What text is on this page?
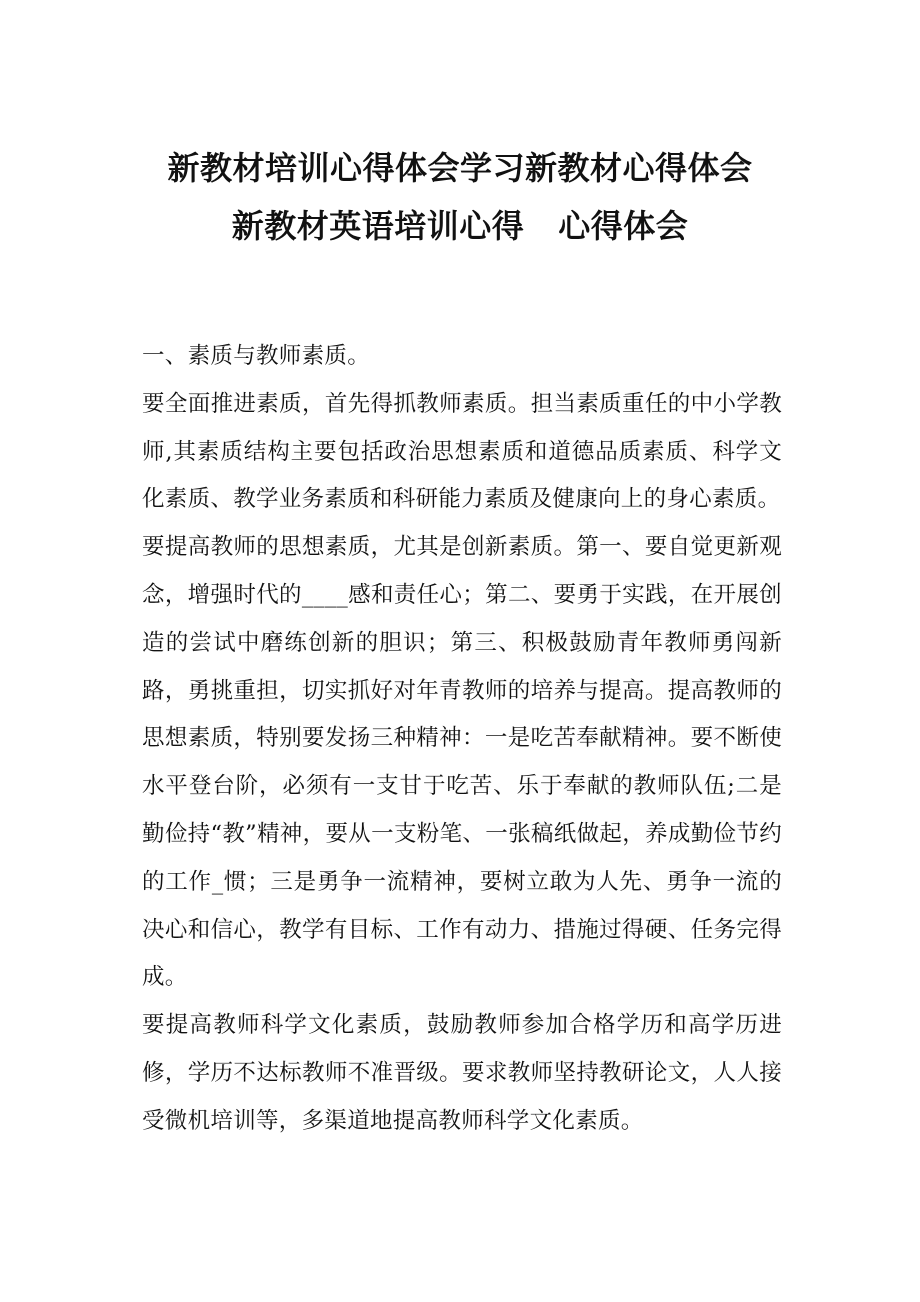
新教材培训心得体会学习新教材心得体会
新教材英语培训心得 心得体会

一、素质与教师素质。

要全面推进素质，首先得抓教师素质。担当素质重任的中小学教师,其素质结构主要包括政治思想素质和道德品质素质、科学文化素质、教学业务素质和科研能力素质及健康向上的身心素质。

要提高教师的思想素质，尤其是创新素质。第一、要自觉更新观念，增强时代的____感和责任心；第二、要勇于实践，在开展创造的尝试中磨练创新的胆识；第三、积极鼓励青年教师勇闯新路，勇挑重担，切实抓好对年青教师的培养与提高。提高教师的思想素质，特别要发扬三种精神：一是吃苦奉献精神。要不断使水平登台阶，必须有一支甘于吃苦、乐于奉献的教师队伍;二是勤俭持“教”精神，要从一支粉笔、一张稿纸做起，养成勤俭节约的工作_惯；三是勇争一流精神，要树立敢为人先、勇争一流的决心和信心，教学有目标、工作有动力、措施过得硬、任务完得成。

要提高教师科学文化素质，鼓励教师参加合格学历和高学历进修，学历不达标教师不准晋级。要求教师坚持教研论文，人人接受微机培训等，多渠道地提高教师科学文化素质。
